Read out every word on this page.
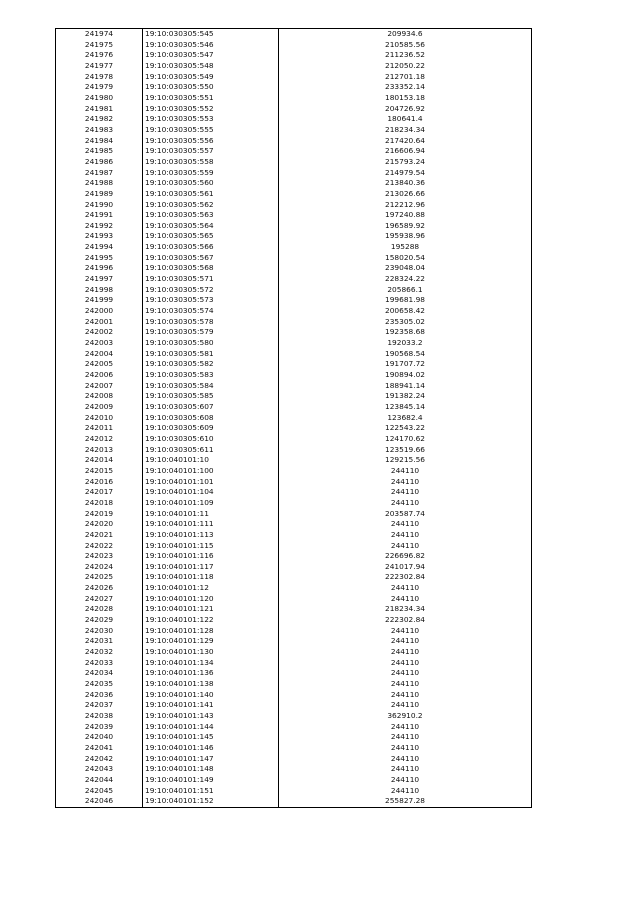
241974	19:10:030305:545	209934.6
241975	19:10:030305:546	210585.56
241976	19:10:030305:547	211236.52
241977	19:10:030305:548	212050.22
241978	19:10:030305:549	212701.18
241979	19:10:030305:550	233352.14
241980	19:10:030305:551	180153.18
241981	19:10:030305:552	204726.92
241982	19:10:030305:553	180641.4
241983	19:10:030305:555	218234.34
241984	19:10:030305:556	217420.64
241985	19:10:030305:557	216606.94
241986	19:10:030305:558	215793.24
241987	19:10:030305:559	214979.54
241988	19:10:030305:560	213840.36
241989	19:10:030305:561	213026.66
241990	19:10:030305:562	212212.96
241991	19:10:030305:563	197240.88
241992	19:10:030305:564	196589.92
241993	19:10:030305:565	195938.96
241994	19:10:030305:566	195288
241995	19:10:030305:567	158020.54
241996	19:10:030305:568	239048.04
241997	19:10:030305:571	228324.22
241998	19:10:030305:572	205866.1
241999	19:10:030305:573	199681.98
242000	19:10:030305:574	200658.42
242001	19:10:030305:578	235305.02
242002	19:10:030305:579	192358.68
242003	19:10:030305:580	192033.2
242004	19:10:030305:581	190568.54
242005	19:10:030305:582	191707.72
242006	19:10:030305:583	190894.02
242007	19:10:030305:584	188941.14
242008	19:10:030305:585	191382.24
242009	19:10:030305:607	123845.14
242010	19:10:030305:608	123682.4
242011	19:10:030305:609	122543.22
242012	19:10:030305:610	124170.62
242013	19:10:030305:611	123519.66
242014	19:10:040101:10	129215.56
242015	19:10:040101:100	244110
242016	19:10:040101:101	244110
242017	19:10:040101:104	244110
242018	19:10:040101:109	244110
242019	19:10:040101:11	203587.74
242020	19:10:040101:111	244110
242021	19:10:040101:113	244110
242022	19:10:040101:115	244110
242023	19:10:040101:116	226696.82
242024	19:10:040101:117	241017.94
242025	19:10:040101:118	222302.84
242026	19:10:040101:12	244110
242027	19:10:040101:120	244110
242028	19:10:040101:121	218234.34
242029	19:10:040101:122	222302.84
242030	19:10:040101:128	244110
242031	19:10:040101:129	244110
242032	19:10:040101:130	244110
242033	19:10:040101:134	244110
242034	19:10:040101:136	244110
242035	19:10:040101:138	244110
242036	19:10:040101:140	244110
242037	19:10:040101:141	244110
242038	19:10:040101:143	362910.2
242039	19:10:040101:144	244110
242040	19:10:040101:145	244110
242041	19:10:040101:146	244110
242042	19:10:040101:147	244110
242043	19:10:040101:148	244110
242044	19:10:040101:149	244110
242045	19:10:040101:151	244110
242046	19:10:040101:152	255827.28
